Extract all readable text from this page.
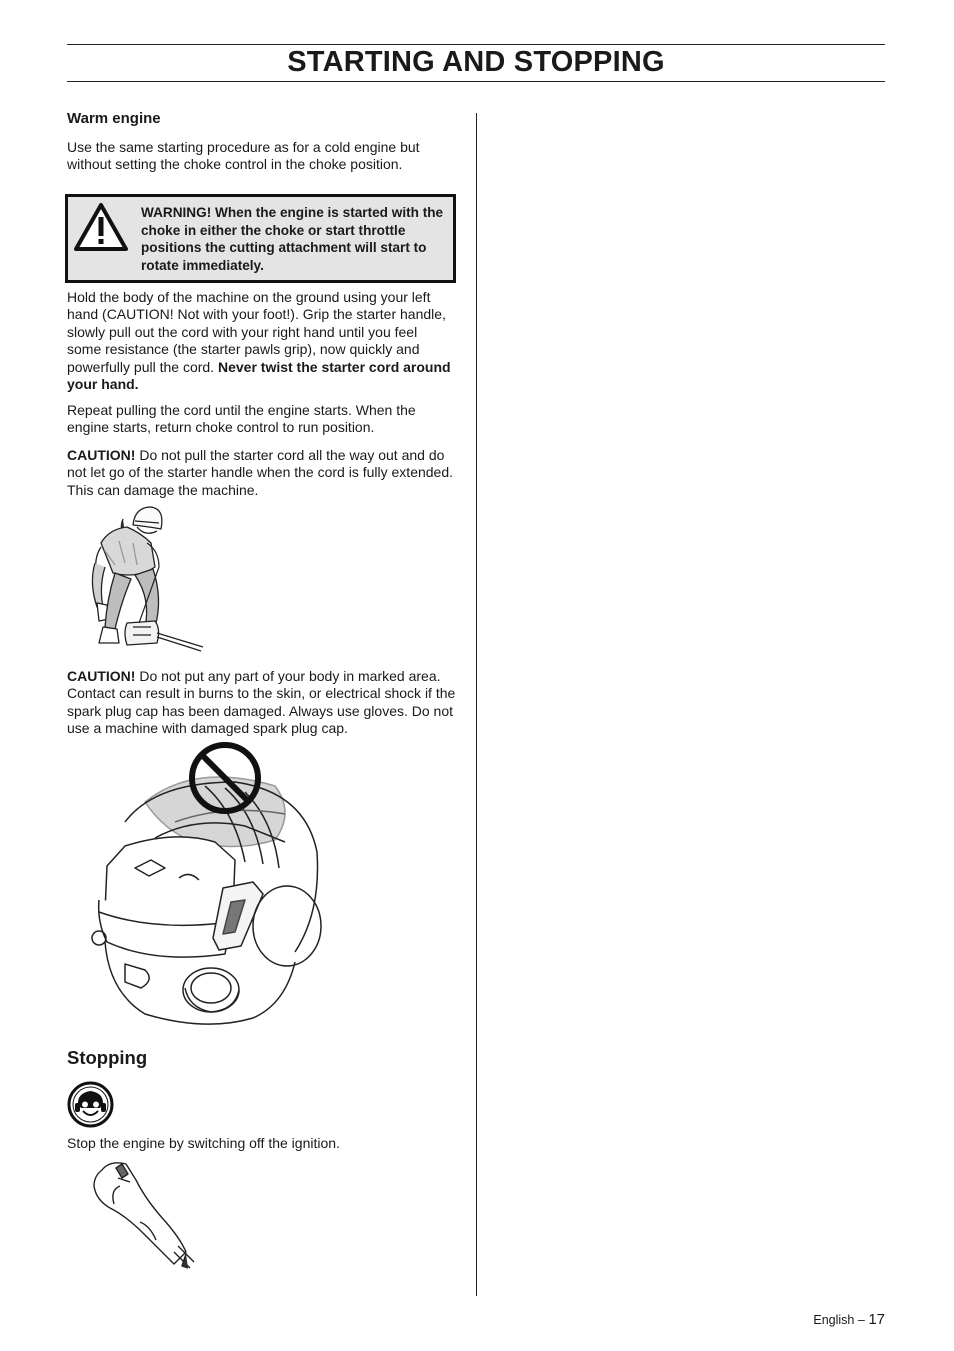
STARTING AND STOPPING
Warm engine

Use the same starting procedure as for a cold engine but without setting the choke control in the choke position.

WARNING! When the engine is started with the choke in either the choke or start throttle positions the cutting attachment will start to rotate immediately.

Hold the body of the machine on the ground using your left hand (CAUTION! Not with your foot!). Grip the starter handle, slowly pull out the cord with your right hand until you feel some resistance (the starter pawls grip), now quickly and powerfully pull the cord. Never twist the starter cord around your hand.

Repeat pulling the cord until the engine starts. When the engine starts, return choke control to run position.

CAUTION! Do not pull the starter cord all the way out and do not let go of the starter handle when the cord is fully extended. This can damage the machine.

CAUTION! Do not put any part of your body in marked area. Contact can result in burns to the skin, or electrical shock if the spark plug cap has been damaged. Always use gloves. Do not use a machine with damaged spark plug cap.

Stopping

Stop the engine by switching off the ignition.

English – 17
